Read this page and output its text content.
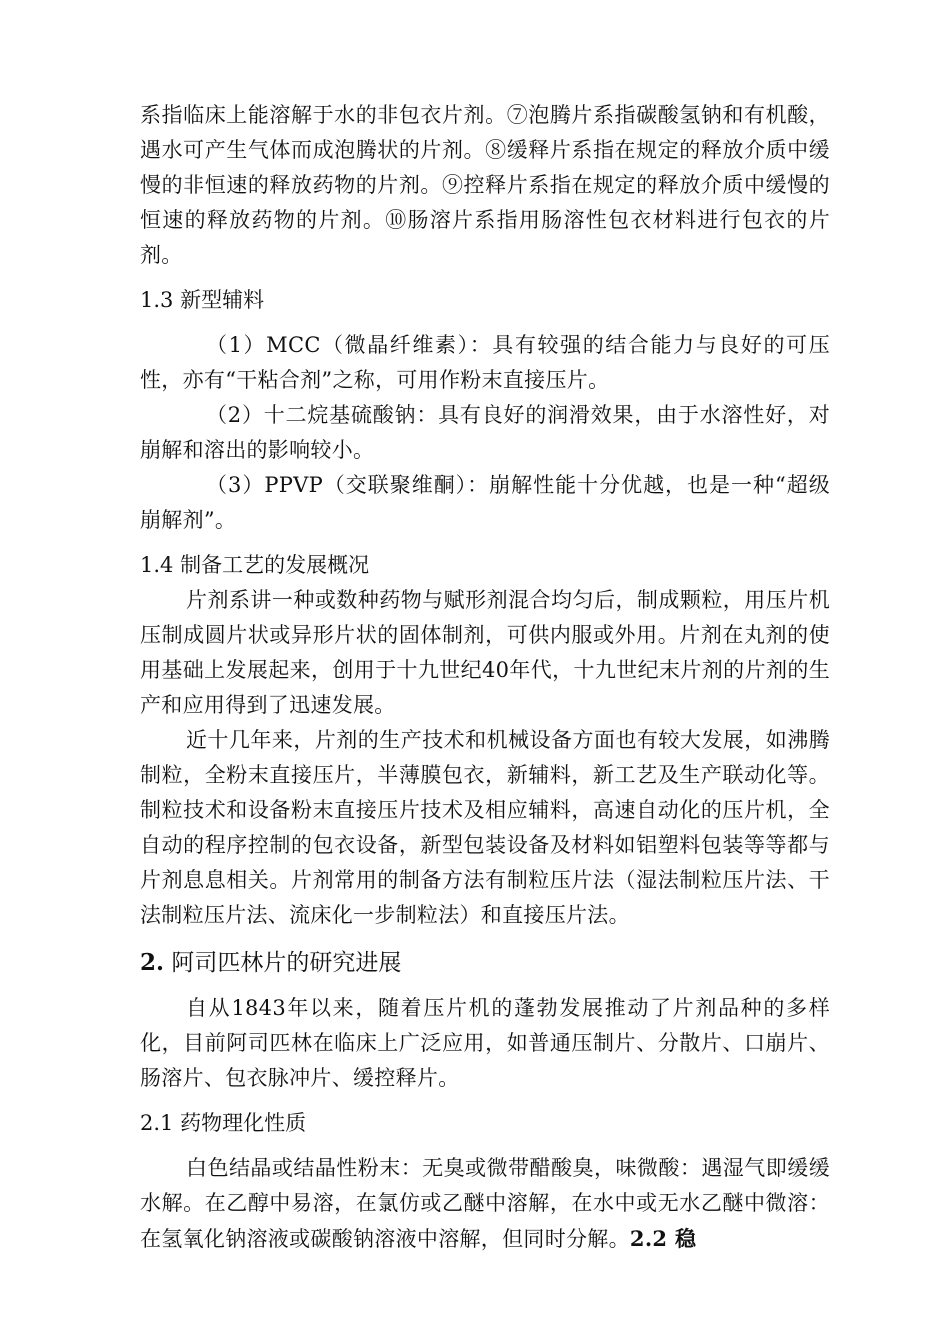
系指临床上能溶解于水的非包衣片剂。⑦泡腾片系指碳酸氢钠和有机酸，遇水可产生气体而成泡腾状的片剂。⑧缓释片系指在规定的释放介质中缓慢的非恒速的释放药物的片剂。⑨控释片系指在规定的释放介质中缓慢的恒速的释放药物的片剂。⑩肠溶片系指用肠溶性包衣材料进行包衣的片剂。

1.3 新型辅料

（1）MCC（微晶纤维素）：具有较强的结合能力与良好的可压性，亦有“干粘合剂”之称，可用作粉末直接压片。

（2）十二烷基硫酸钠：具有良好的润滑效果，由于水溶性好，对崩解和溶出的影响较小。

（3）PPVP（交联聚维酮）：崩解性能十分优越，也是一种“超级崩解剂”。

1.4 制备工艺的发展概况

片剂系讲一种或数种药物与赋形剂混合均匀后，制成颗粒，用压片机压制成圆片状或异形片状的固体制剂，可供内服或外用。片剂在丸剂的使用基础上发展起来，创用于十九世纪40年代，十九世纪末片剂的片剂的生产和应用得到了迅速发展。

近十几年来，片剂的生产技术和机械设备方面也有较大发展，如沸腾制粒，全粉末直接压片，半薄膜包衣，新辅料，新工艺及生产联动化等。制粒技术和设备粉末直接压片技术及相应辅料，高速自动化的压片机，全自动的程序控制的包衣设备，新型包装设备及材料如铝塑料包装等等都与片剂息息相关。片剂常用的制备方法有制粒压片法（湿法制粒压片法、干法制粒压片法、流床化一步制粒法）和直接压片法。

2. 阿司匹林片的研究进展

自从1843年以来，随着压片机的蓬勃发展推动了片剂品种的多样化，目前阿司匹林在临床上广泛应用，如普通压制片、分散片、口崩片、肠溶片、包衣脉冲片、缓控释片。

2.1 药物理化性质

白色结晶或结晶性粉末：无臭或微带醋酸臭，味微酸：遇湿气即缓缓水解。在乙醇中易溶，在氯仿或乙醚中溶解，在水中或无水乙醚中微溶：在氢氧化钠溶液或碳酸钠溶液中溶解，但同时分解。2.2 稳
